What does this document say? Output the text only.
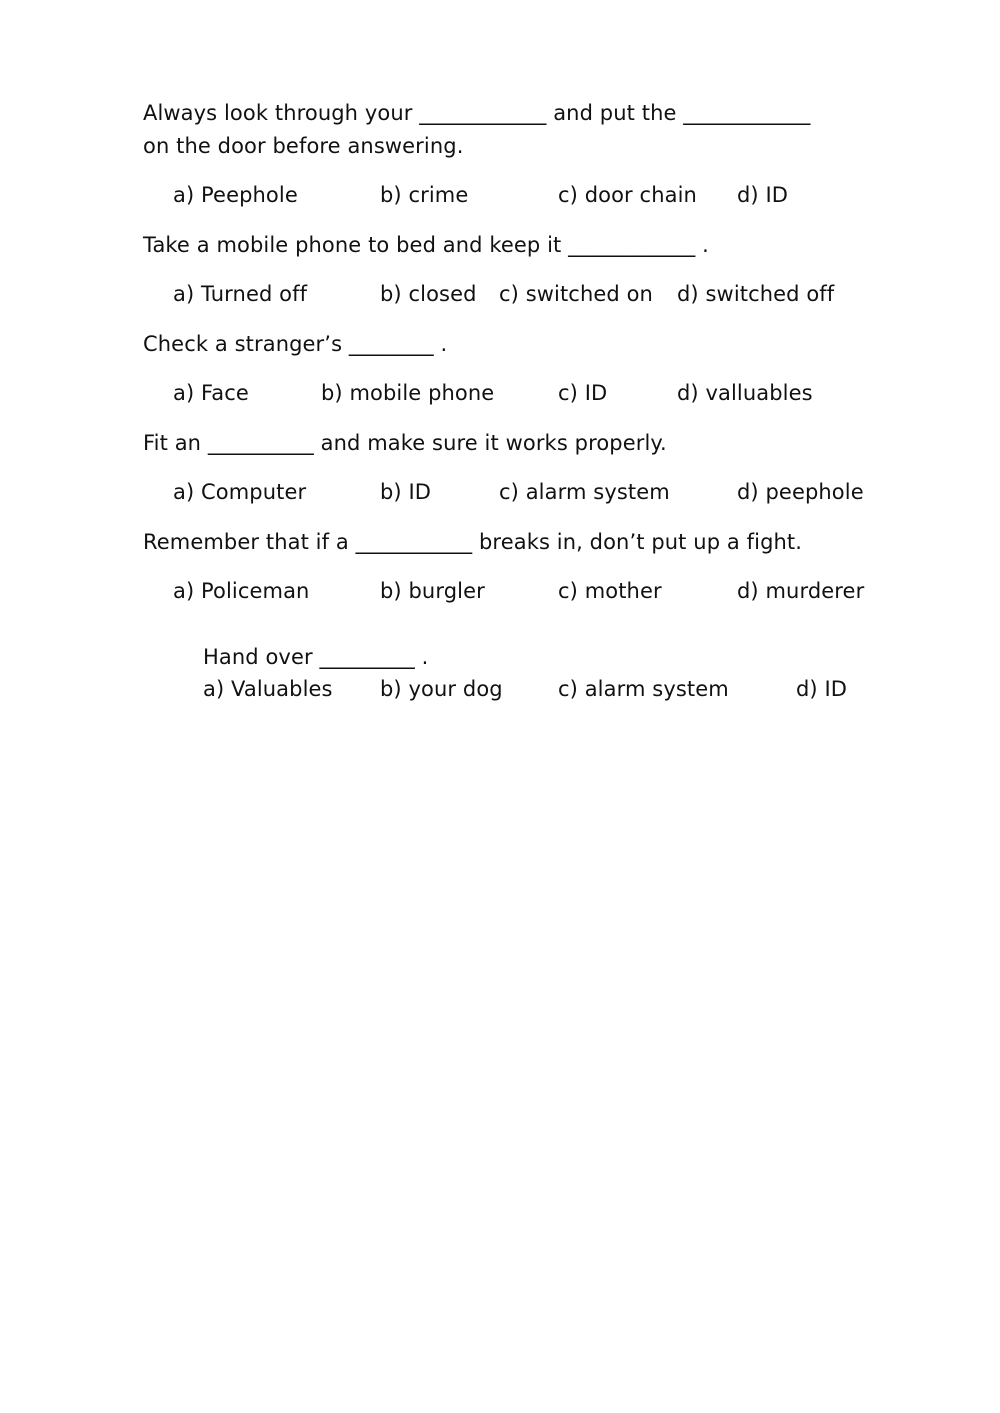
Always look through your ____________ and put the ____________
on the door before answering.
a) Peephole	b) crime	c) door chain d) ID
Take a mobile phone to bed and keep it ____________ .
a) Turned off	b) closed c) switched on d) switched off
Check a stranger’s ________ .
a) Face	b) mobile phone	c) ID	d) valluables
Fit an __________ and make sure it works properly.
a) Computer	b) ID	c) alarm system	d) peephole
Remember that if a ___________ breaks in, don’t put up a fight.
a) Policeman	b) burgler	c) mother	d) murderer
Hand over _________ .
a) Valuables b) your dog	c) alarm system	d) ID
